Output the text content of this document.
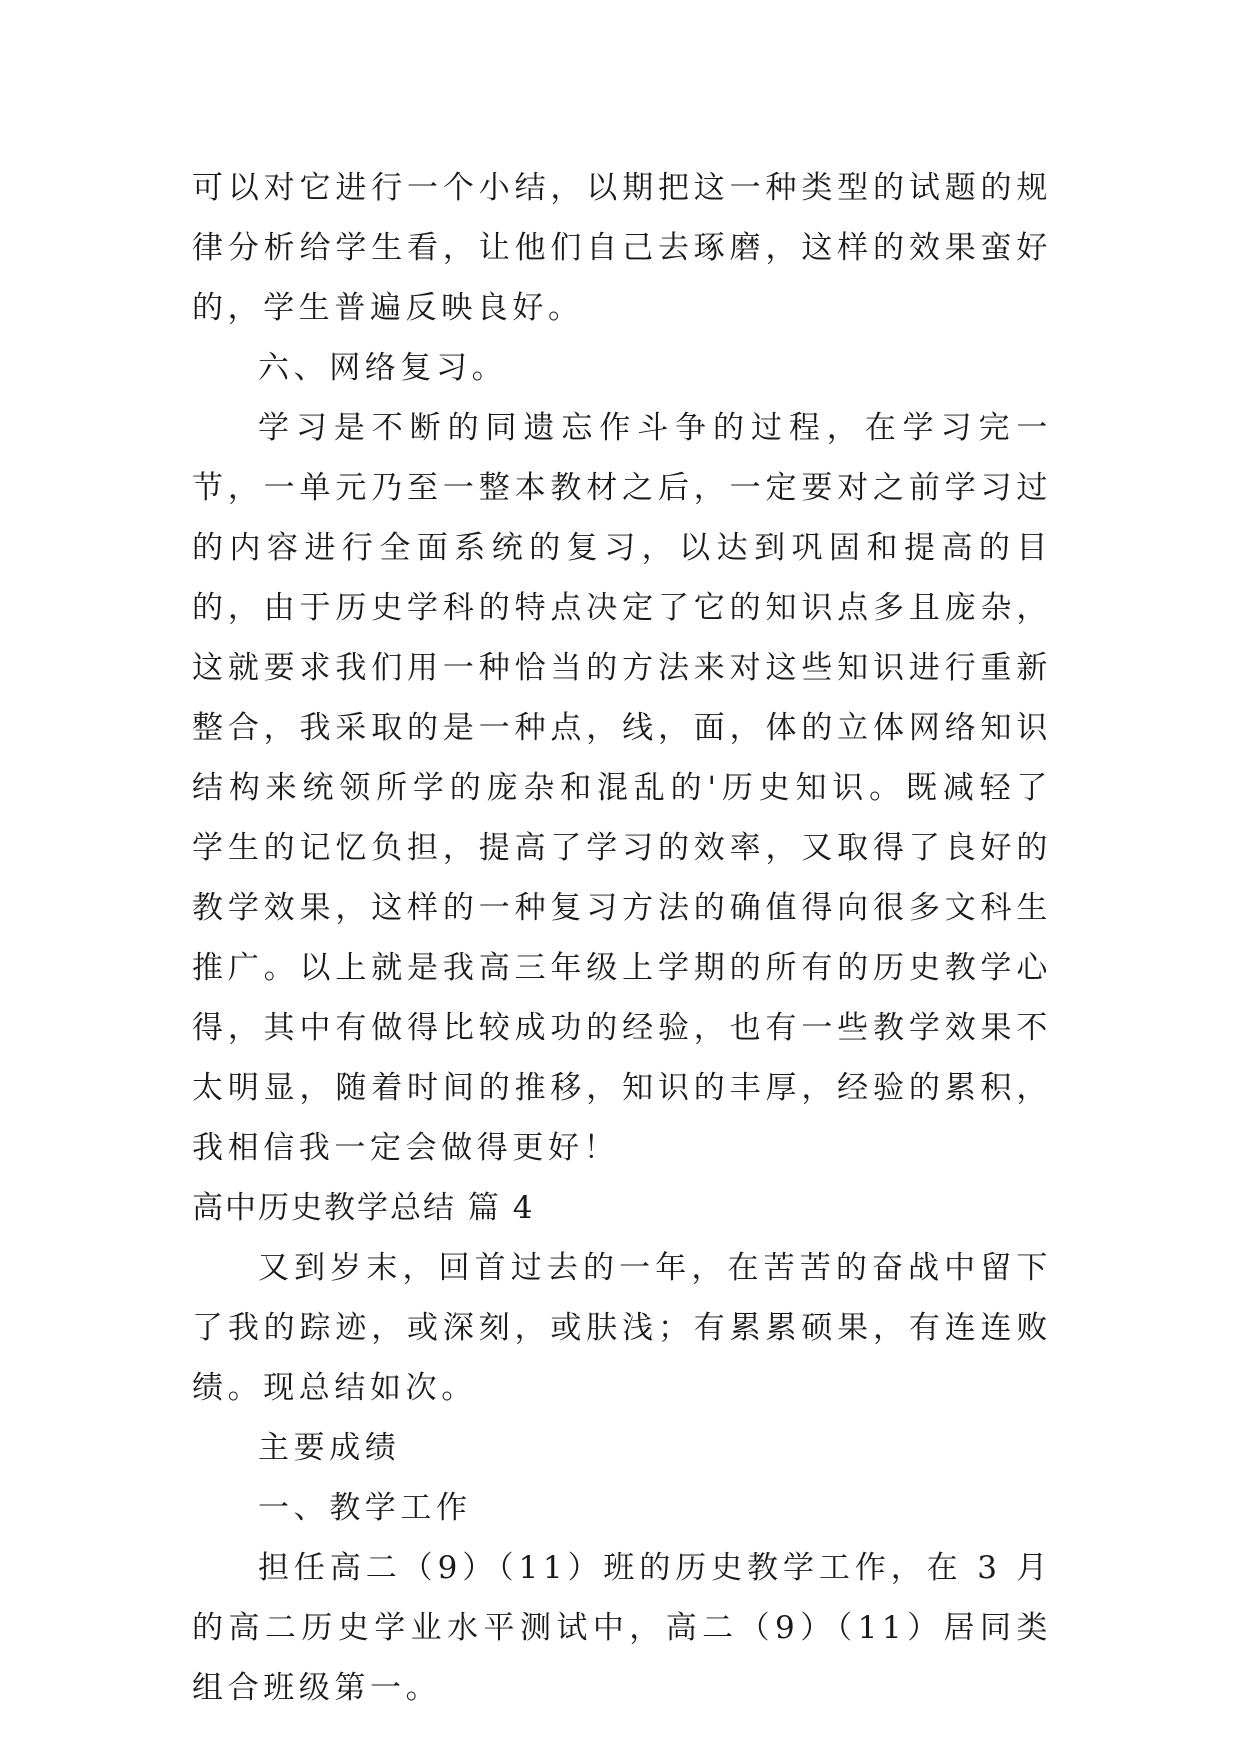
可以对它进行一个小结，以期把这一种类型的试题的规律分析给学生看，让他们自己去琢磨，这样的效果蛮好的，学生普遍反映良好。

六、网络复习。

学习是不断的同遗忘作斗争的过程，在学习完一节，一单元乃至一整本教材之后，一定要对之前学习过的内容进行全面系统的复习，以达到巩固和提高的目的，由于历史学科的特点决定了它的知识点多且庞杂，这就要求我们用一种恰当的方法来对这些知识进行重新整合，我采取的是一种点，线，面，体的立体网络知识结构来统领所学的庞杂和混乱的'历史知识。既减轻了学生的记忆负担，提高了学习的效率，又取得了良好的教学效果，这样的一种复习方法的确值得向很多文科生推广。以上就是我高三年级上学期的所有的历史教学心得，其中有做得比较成功的经验，也有一些教学效果不太明显，随着时间的推移，知识的丰厚，经验的累积，我相信我一定会做得更好！

高中历史教学总结 篇 4

又到岁末，回首过去的一年，在苦苦的奋战中留下了我的踪迹，或深刻，或肤浅；有累累硕果，有连连败绩。现总结如次。

主要成绩

一、教学工作

担任高二（9）（11）班的历史教学工作，在 3 月的高二历史学业水平测试中，高二（9）（11）居同类组合班级第一。
